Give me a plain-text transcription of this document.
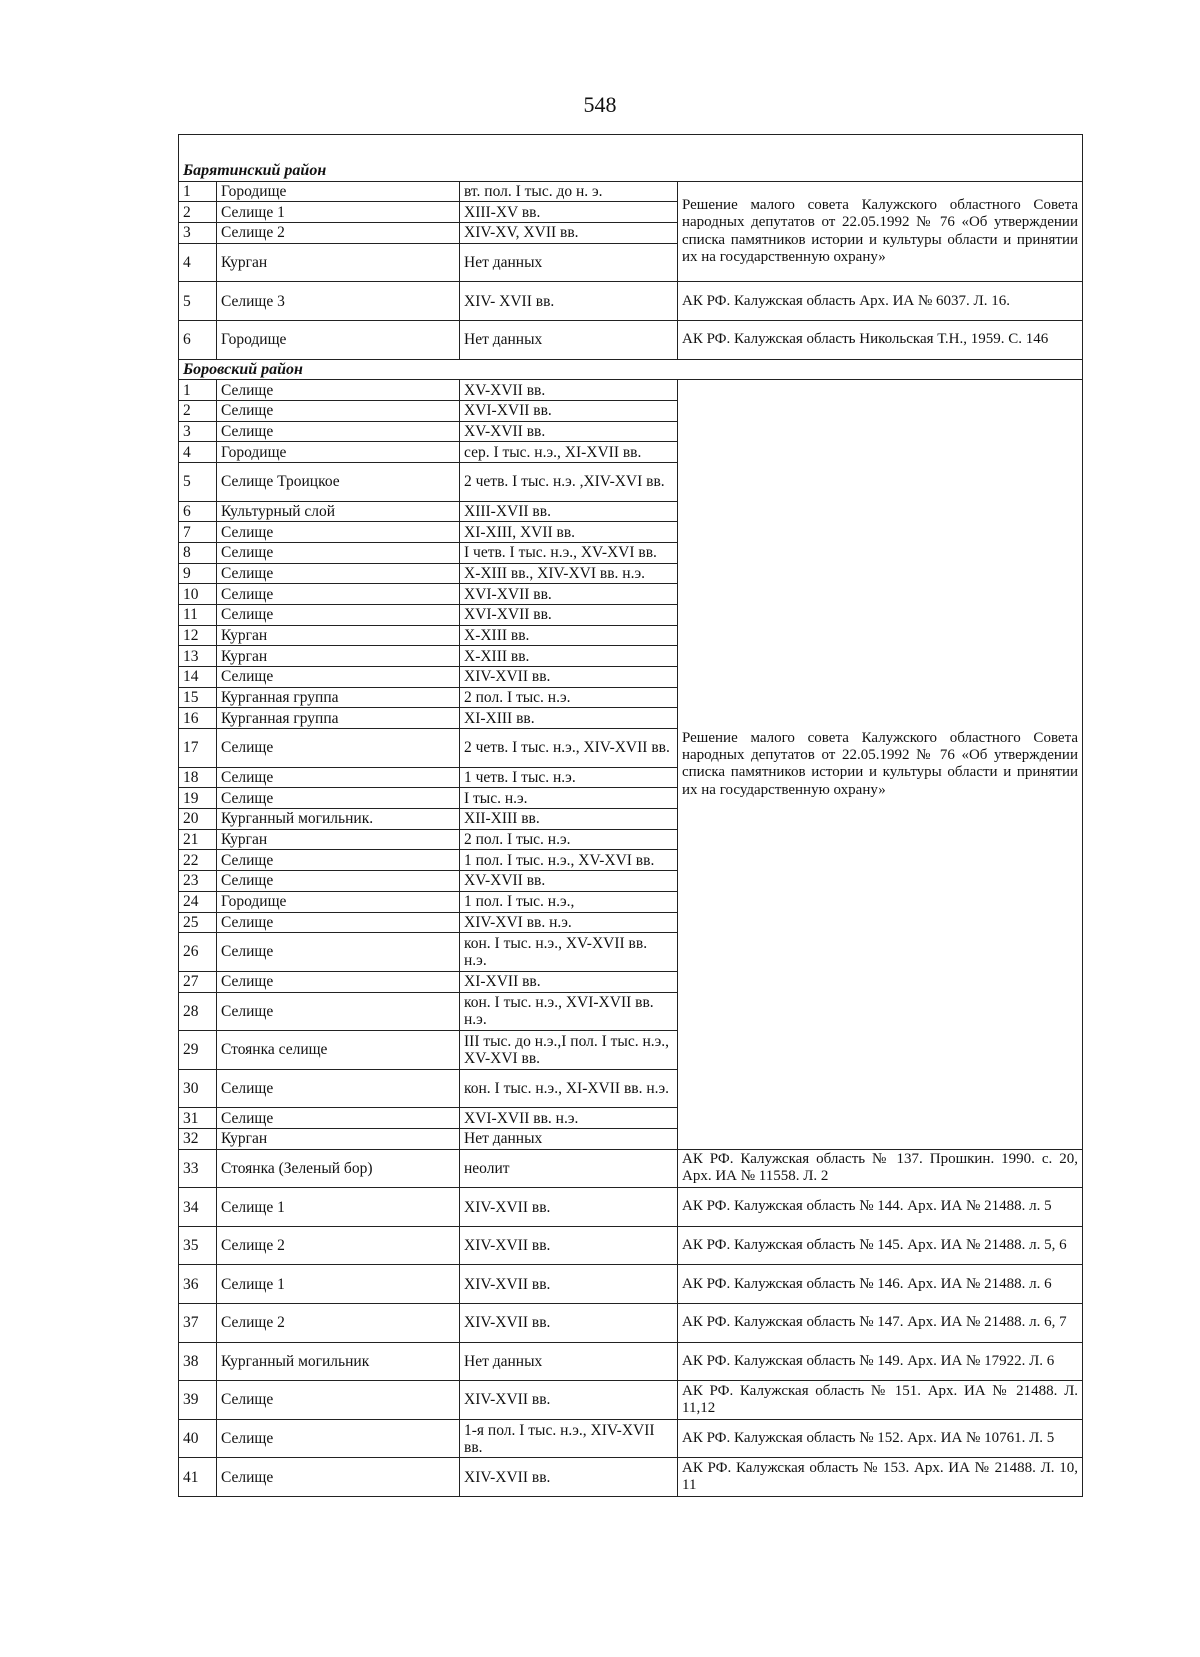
548

Барятинский район			
1	Городище	вт. пол. I тыс. до н. э.	Решение малого совета Калужского областного Совета народных депутатов от 22.05.1992 № 76 «Об утверждении списка памятников истории и культуры области и принятии их на государственную охрану»
2	Селище 1	XIII-XV вв.	
3	Селище 2	XIV-XV, XVII вв.	
4	Курган	Нет данных	
5	Селище 3	XIV- XVII вв.	АК РФ. Калужская область Арх. ИА № 6037. Л. 16.
6	Городище	Нет данных	АК РФ. Калужская область Никольская Т.Н., 1959. С. 146
Боровский район			
1	Селище	XV-XVII вв.	Решение малого совета Калужского областного Совета народных депутатов от 22.05.1992 № 76 «Об утверждении списка памятников истории и культуры области и принятии их на государственную охрану»
2	Селище	XVI-XVII вв.	
3	Селище	XV-XVII вв.	
4	Городище	сер. I тыс. н.э., XI-XVII вв.	
5	Селище Троицкое	2 четв. I тыс. н.э. ,XIV-XVI вв.	
6	Культурный слой	XIII-XVII вв.	
7	Селище	XI-XIII, XVII вв.	
8	Селище	I четв. I тыс. н.э., XV-XVI вв.	
9	Селище	X-XIII вв., XIV-XVI вв. н.э.	
10	Селище	XVI-XVII вв.	
11	Селище	XVI-XVII вв.	
12	Курган	X-XIII вв.	
13	Курган	X-XIII вв.	
14	Селище	XIV-XVII вв.	
15	Курганная группа	2 пол. I тыс. н.э.	
16	Курганная группа	XI-XIII вв.	
17	Селище	2 четв. I тыс. н.э., XIV-XVII вв.	
18	Селище	1 четв. I тыс. н.э.	
19	Селище	I тыс. н.э.	
20	Курганный могильник.	XII-XIII вв.	
21	Курган	2 пол. I тыс. н.э.	
22	Селище	1 пол. I тыс. н.э., XV-XVI вв.	
23	Селище	XV-XVII вв.	
24	Городище	1 пол. I тыс. н.э.,	
25	Селище	XIV-XVI вв. н.э.	
26	Селище	кон. I тыс. н.э., XV-XVII вв. н.э.	
27	Селище	XI-XVII вв.	
28	Селище	кон. I тыс. н.э., XVI-XVII вв. н.э.	
29	Стоянка селище	III тыс. до н.э.,I пол. I тыс. н.э., XV-XVI вв.	
30	Селище	кон. I тыс. н.э., XI-XVII вв. н.э.	
31	Селище	XVI-XVII вв. н.э.	
32	Курган	Нет данных	
33	Стоянка (Зеленый бор)	неолит	АК РФ. Калужская область № 137. Прошкин. 1990. с. 20, Арх. ИА № 11558. Л. 2
34	Селище 1	XIV-XVII вв.	АК РФ. Калужская область № 144. Арх. ИА № 21488. л. 5
35	Селище 2	XIV-XVII вв.	АК РФ. Калужская область № 145. Арх. ИА № 21488. л. 5, 6
36	Селище 1	XIV-XVII вв.	АК РФ. Калужская область № 146. Арх. ИА № 21488. л. 6
37	Селище 2	XIV-XVII вв.	АК РФ. Калужская область № 147. Арх. ИА № 21488. л. 6, 7
38	Курганный могильник	Нет данных	АК РФ. Калужская область № 149. Арх. ИА № 17922. Л. 6
39	Селище	XIV-XVII вв.	АК РФ. Калужская область № 151. Арх. ИА № 21488. Л. 11,12
40	Селище	1-я пол. I тыс. н.э., XIV-XVII вв.	АК РФ. Калужская область № 152. Арх. ИА № 10761. Л. 5
41	Селище	XIV-XVII вв.	АК РФ. Калужская область № 153. Арх. ИА № 21488. Л. 10, 11
